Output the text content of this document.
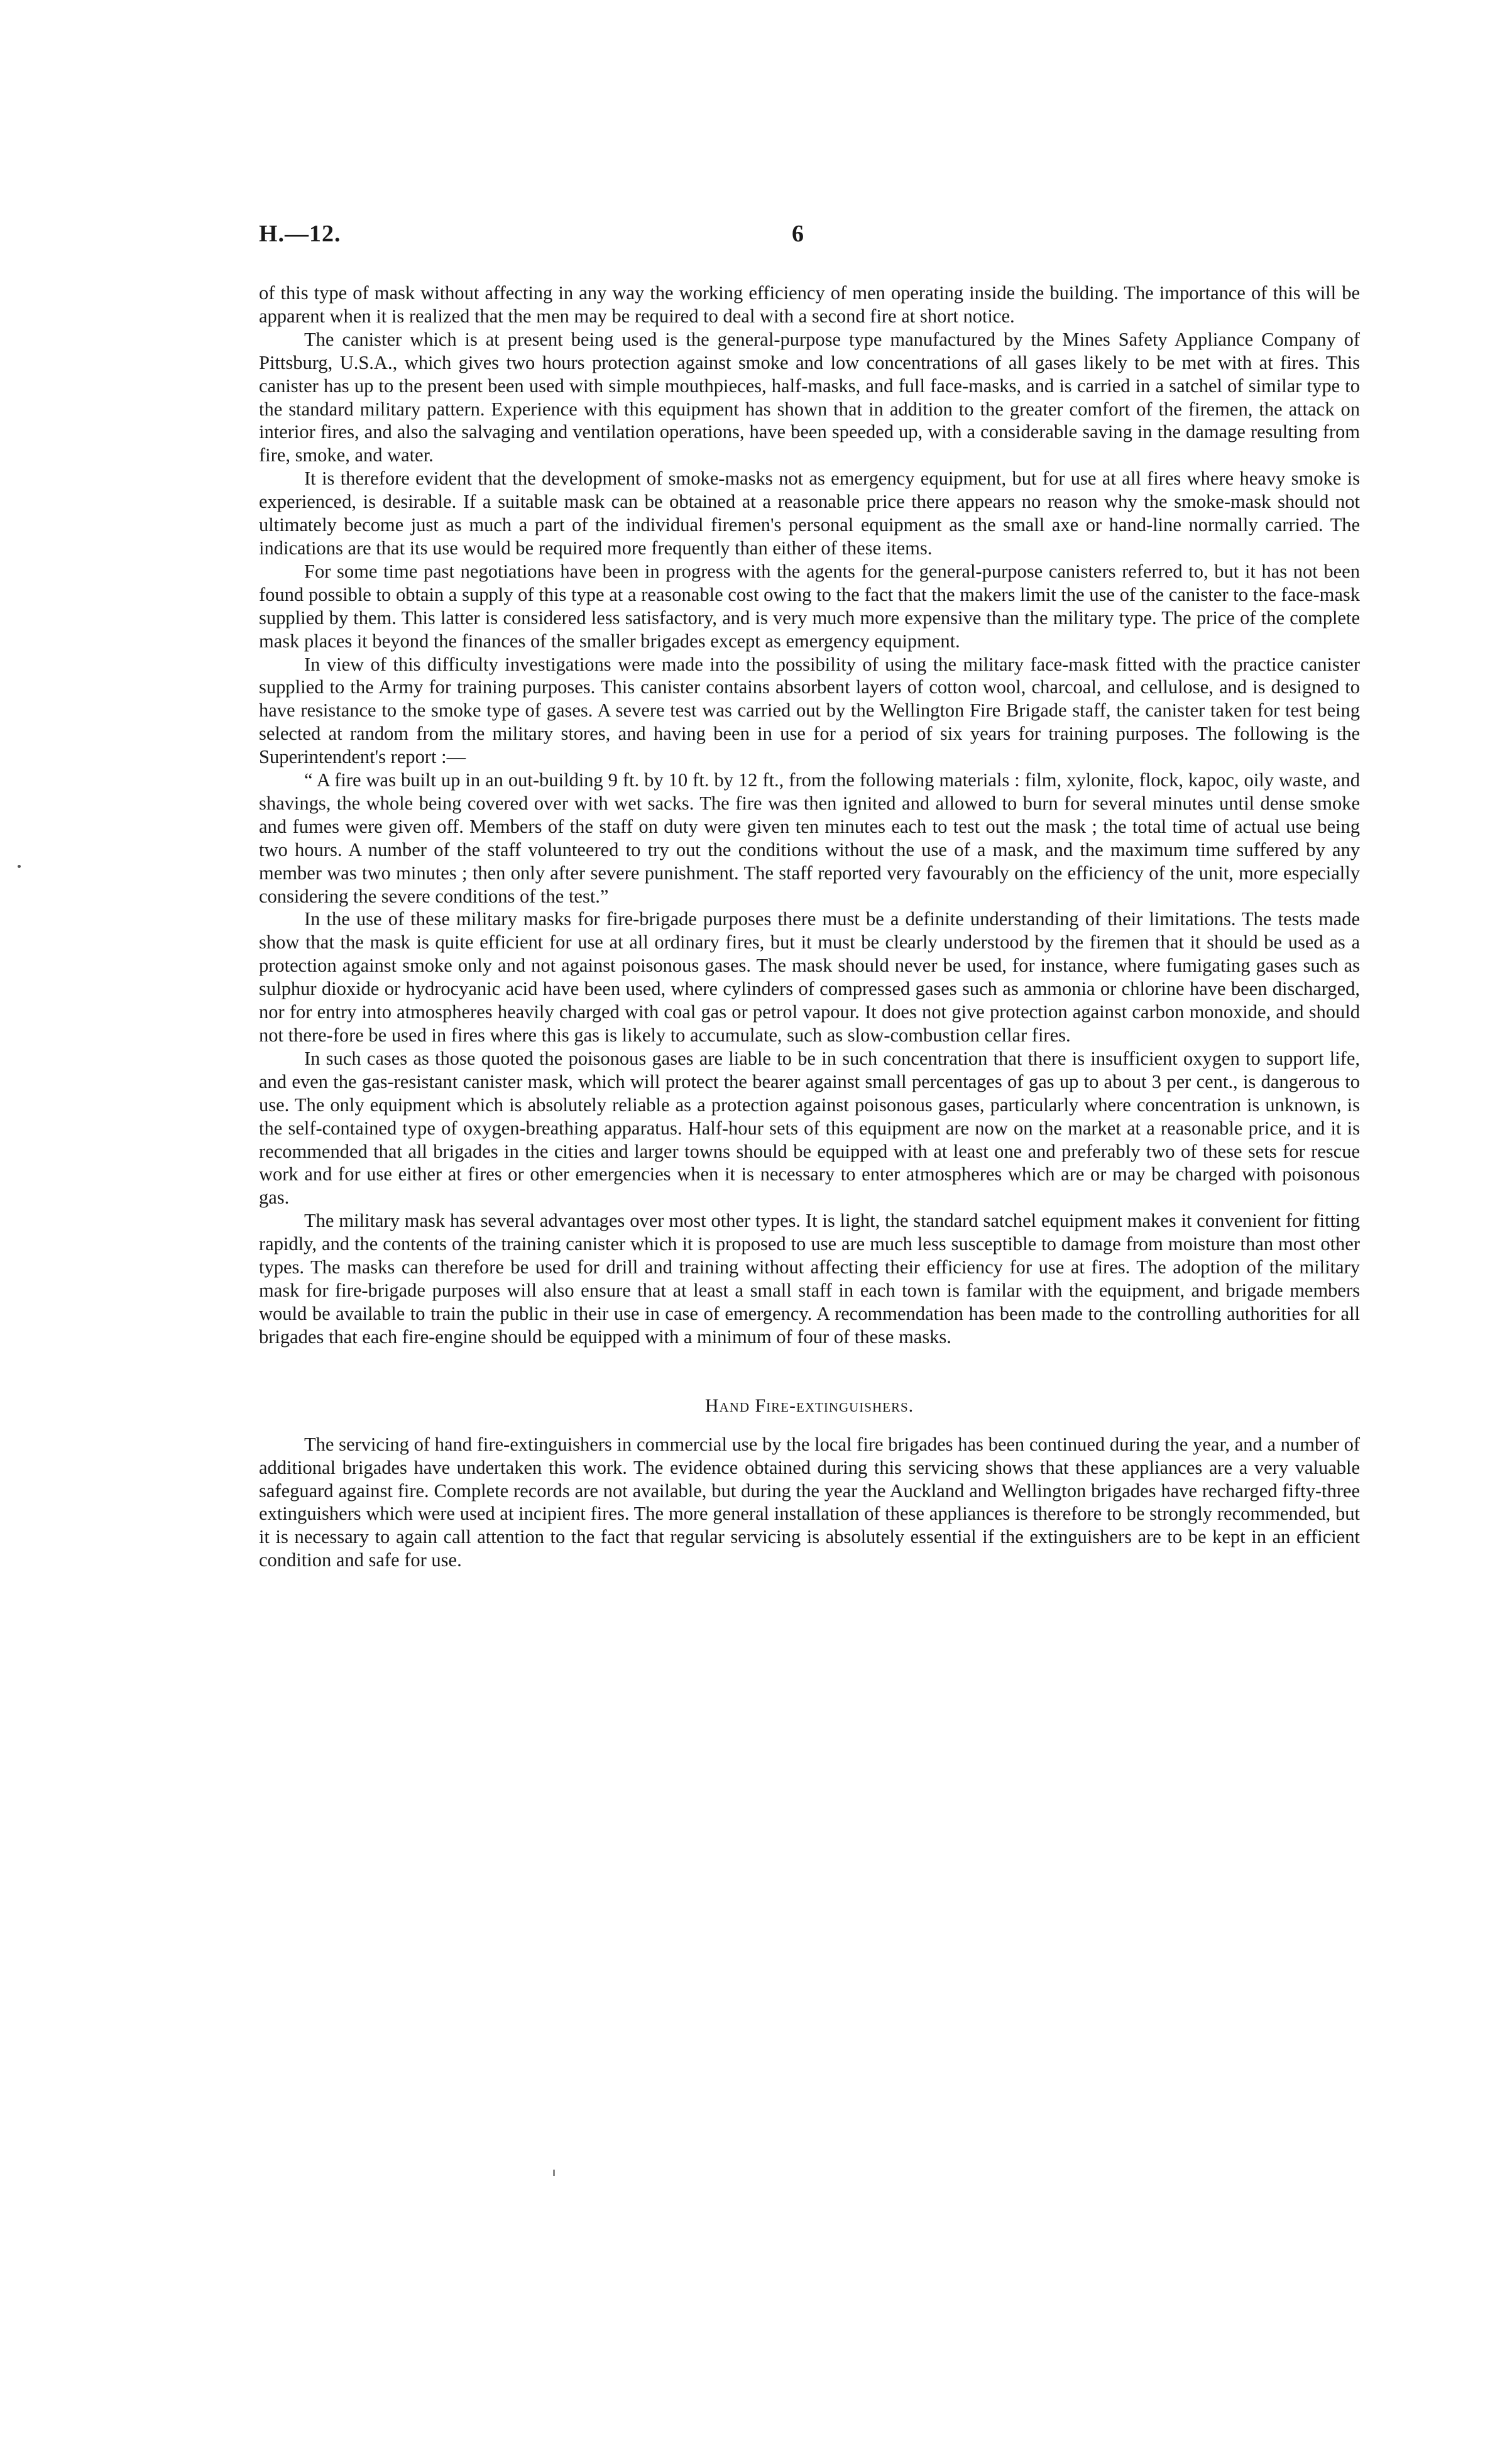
H.—12.	6

of this type of mask without affecting in any way the working efficiency of men operating inside the building. The importance of this will be apparent when it is realized that the men may be required to deal with a second fire at short notice.

The canister which is at present being used is the general-purpose type manufactured by the Mines Safety Appliance Company of Pittsburg, U.S.A., which gives two hours protection against smoke and low concentrations of all gases likely to be met with at fires. This canister has up to the present been used with simple mouthpieces, half-masks, and full face-masks, and is carried in a satchel of similar type to the standard military pattern. Experience with this equipment has shown that in addition to the greater comfort of the firemen, the attack on interior fires, and also the salvaging and ventilation operations, have been speeded up, with a considerable saving in the damage resulting from fire, smoke, and water.

It is therefore evident that the development of smoke-masks not as emergency equipment, but for use at all fires where heavy smoke is experienced, is desirable. If a suitable mask can be obtained at a reasonable price there appears no reason why the smoke-mask should not ultimately become just as much a part of the individual firemen's personal equipment as the small axe or hand-line normally carried. The indications are that its use would be required more frequently than either of these items.

For some time past negotiations have been in progress with the agents for the general-purpose canisters referred to, but it has not been found possible to obtain a supply of this type at a reasonable cost owing to the fact that the makers limit the use of the canister to the face-mask supplied by them. This latter is considered less satisfactory, and is very much more expensive than the military type. The price of the complete mask places it beyond the finances of the smaller brigades except as emergency equipment.

In view of this difficulty investigations were made into the possibility of using the military face-mask fitted with the practice canister supplied to the Army for training purposes. This canister contains absorbent layers of cotton wool, charcoal, and cellulose, and is designed to have resistance to the smoke type of gases. A severe test was carried out by the Wellington Fire Brigade staff, the canister taken for test being selected at random from the military stores, and having been in use for a period of six years for training purposes. The following is the Superintendent's report :—

“ A fire was built up in an out-building 9 ft. by 10 ft. by 12 ft., from the following materials : film, xylonite, flock, kapoc, oily waste, and shavings, the whole being covered over with wet sacks. The fire was then ignited and allowed to burn for several minutes until dense smoke and fumes were given off. Members of the staff on duty were given ten minutes each to test out the mask ; the total time of actual use being two hours. A number of the staff volunteered to try out the conditions without the use of a mask, and the maximum time suffered by any member was two minutes ; then only after severe punishment. The staff reported very favourably on the efficiency of the unit, more especially considering the severe conditions of the test.”

In the use of these military masks for fire-brigade purposes there must be a definite understanding of their limitations. The tests made show that the mask is quite efficient for use at all ordinary fires, but it must be clearly understood by the firemen that it should be used as a protection against smoke only and not against poisonous gases. The mask should never be used, for instance, where fumigating gases such as sulphur dioxide or hydrocyanic acid have been used, where cylinders of compressed gases such as ammonia or chlorine have been discharged, nor for entry into atmospheres heavily charged with coal gas or petrol vapour. It does not give protection against carbon monoxide, and should not there-fore be used in fires where this gas is likely to accumulate, such as slow-combustion cellar fires.

In such cases as those quoted the poisonous gases are liable to be in such concentration that there is insufficient oxygen to support life, and even the gas-resistant canister mask, which will protect the bearer against small percentages of gas up to about 3 per cent., is dangerous to use. The only equipment which is absolutely reliable as a protection against poisonous gases, particularly where concentration is unknown, is the self-contained type of oxygen-breathing apparatus. Half-hour sets of this equipment are now on the market at a reasonable price, and it is recommended that all brigades in the cities and larger towns should be equipped with at least one and preferably two of these sets for rescue work and for use either at fires or other emergencies when it is necessary to enter atmospheres which are or may be charged with poisonous gas.

The military mask has several advantages over most other types. It is light, the standard satchel equipment makes it convenient for fitting rapidly, and the contents of the training canister which it is proposed to use are much less susceptible to damage from moisture than most other types. The masks can therefore be used for drill and training without affecting their efficiency for use at fires. The adoption of the military mask for fire-brigade purposes will also ensure that at least a small staff in each town is familar with the equipment, and brigade members would be available to train the public in their use in case of emergency. A recommendation has been made to the controlling authorities for all brigades that each fire-engine should be equipped with a minimum of four of these masks.

Hand Fire-extinguishers.

The servicing of hand fire-extinguishers in commercial use by the local fire brigades has been continued during the year, and a number of additional brigades have undertaken this work. The evidence obtained during this servicing shows that these appliances are a very valuable safeguard against fire. Complete records are not available, but during the year the Auckland and Wellington brigades have recharged fifty-three extinguishers which were used at incipient fires. The more general installation of these appliances is therefore to be strongly recommended, but it is necessary to again call attention to the fact that regular servicing is absolutely essential if the extinguishers are to be kept in an efficient condition and safe for use.
